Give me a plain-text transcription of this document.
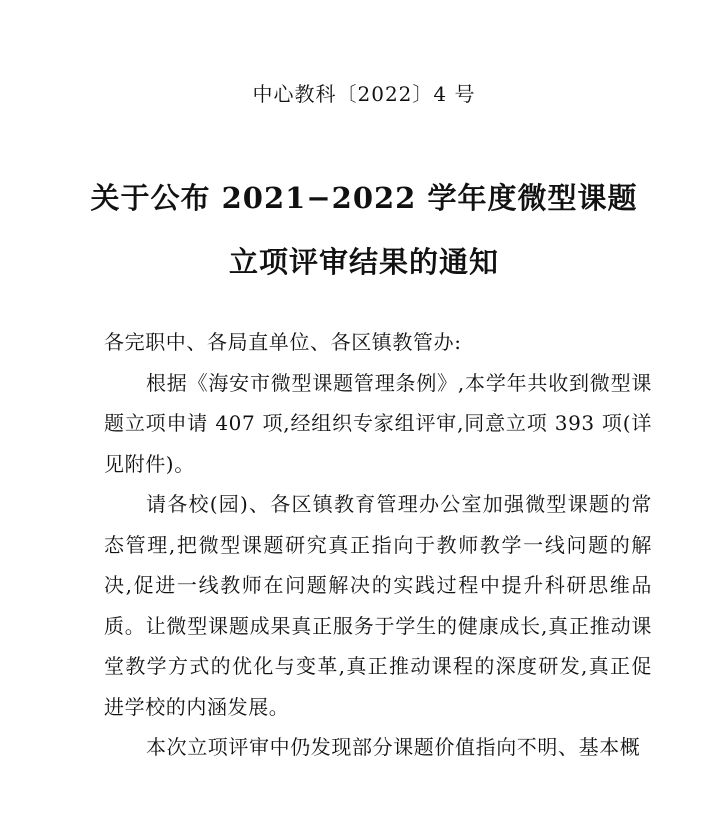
中心教科〔2022〕4 号
关于公布 2021−2022 学年度微型课题
立项评审结果的通知

各完职中、各局直单位、各区镇教管办:

根据《海安市微型课题管理条例》,本学年共收到微型课题立项申请 407 项,经组织专家组评审,同意立项 393 项(详见附件)。

请各校(园)、各区镇教育管理办公室加强微型课题的常态管理,把微型课题研究真正指向于教师教学一线问题的解决,促进一线教师在问题解决的实践过程中提升科研思维品质。让微型课题成果真正服务于学生的健康成长,真正推动课堂教学方式的优化与变革,真正推动课程的深度研发,真正促进学校的内涵发展。

本次立项评审中仍发现部分课题价值指向不明、基本概
